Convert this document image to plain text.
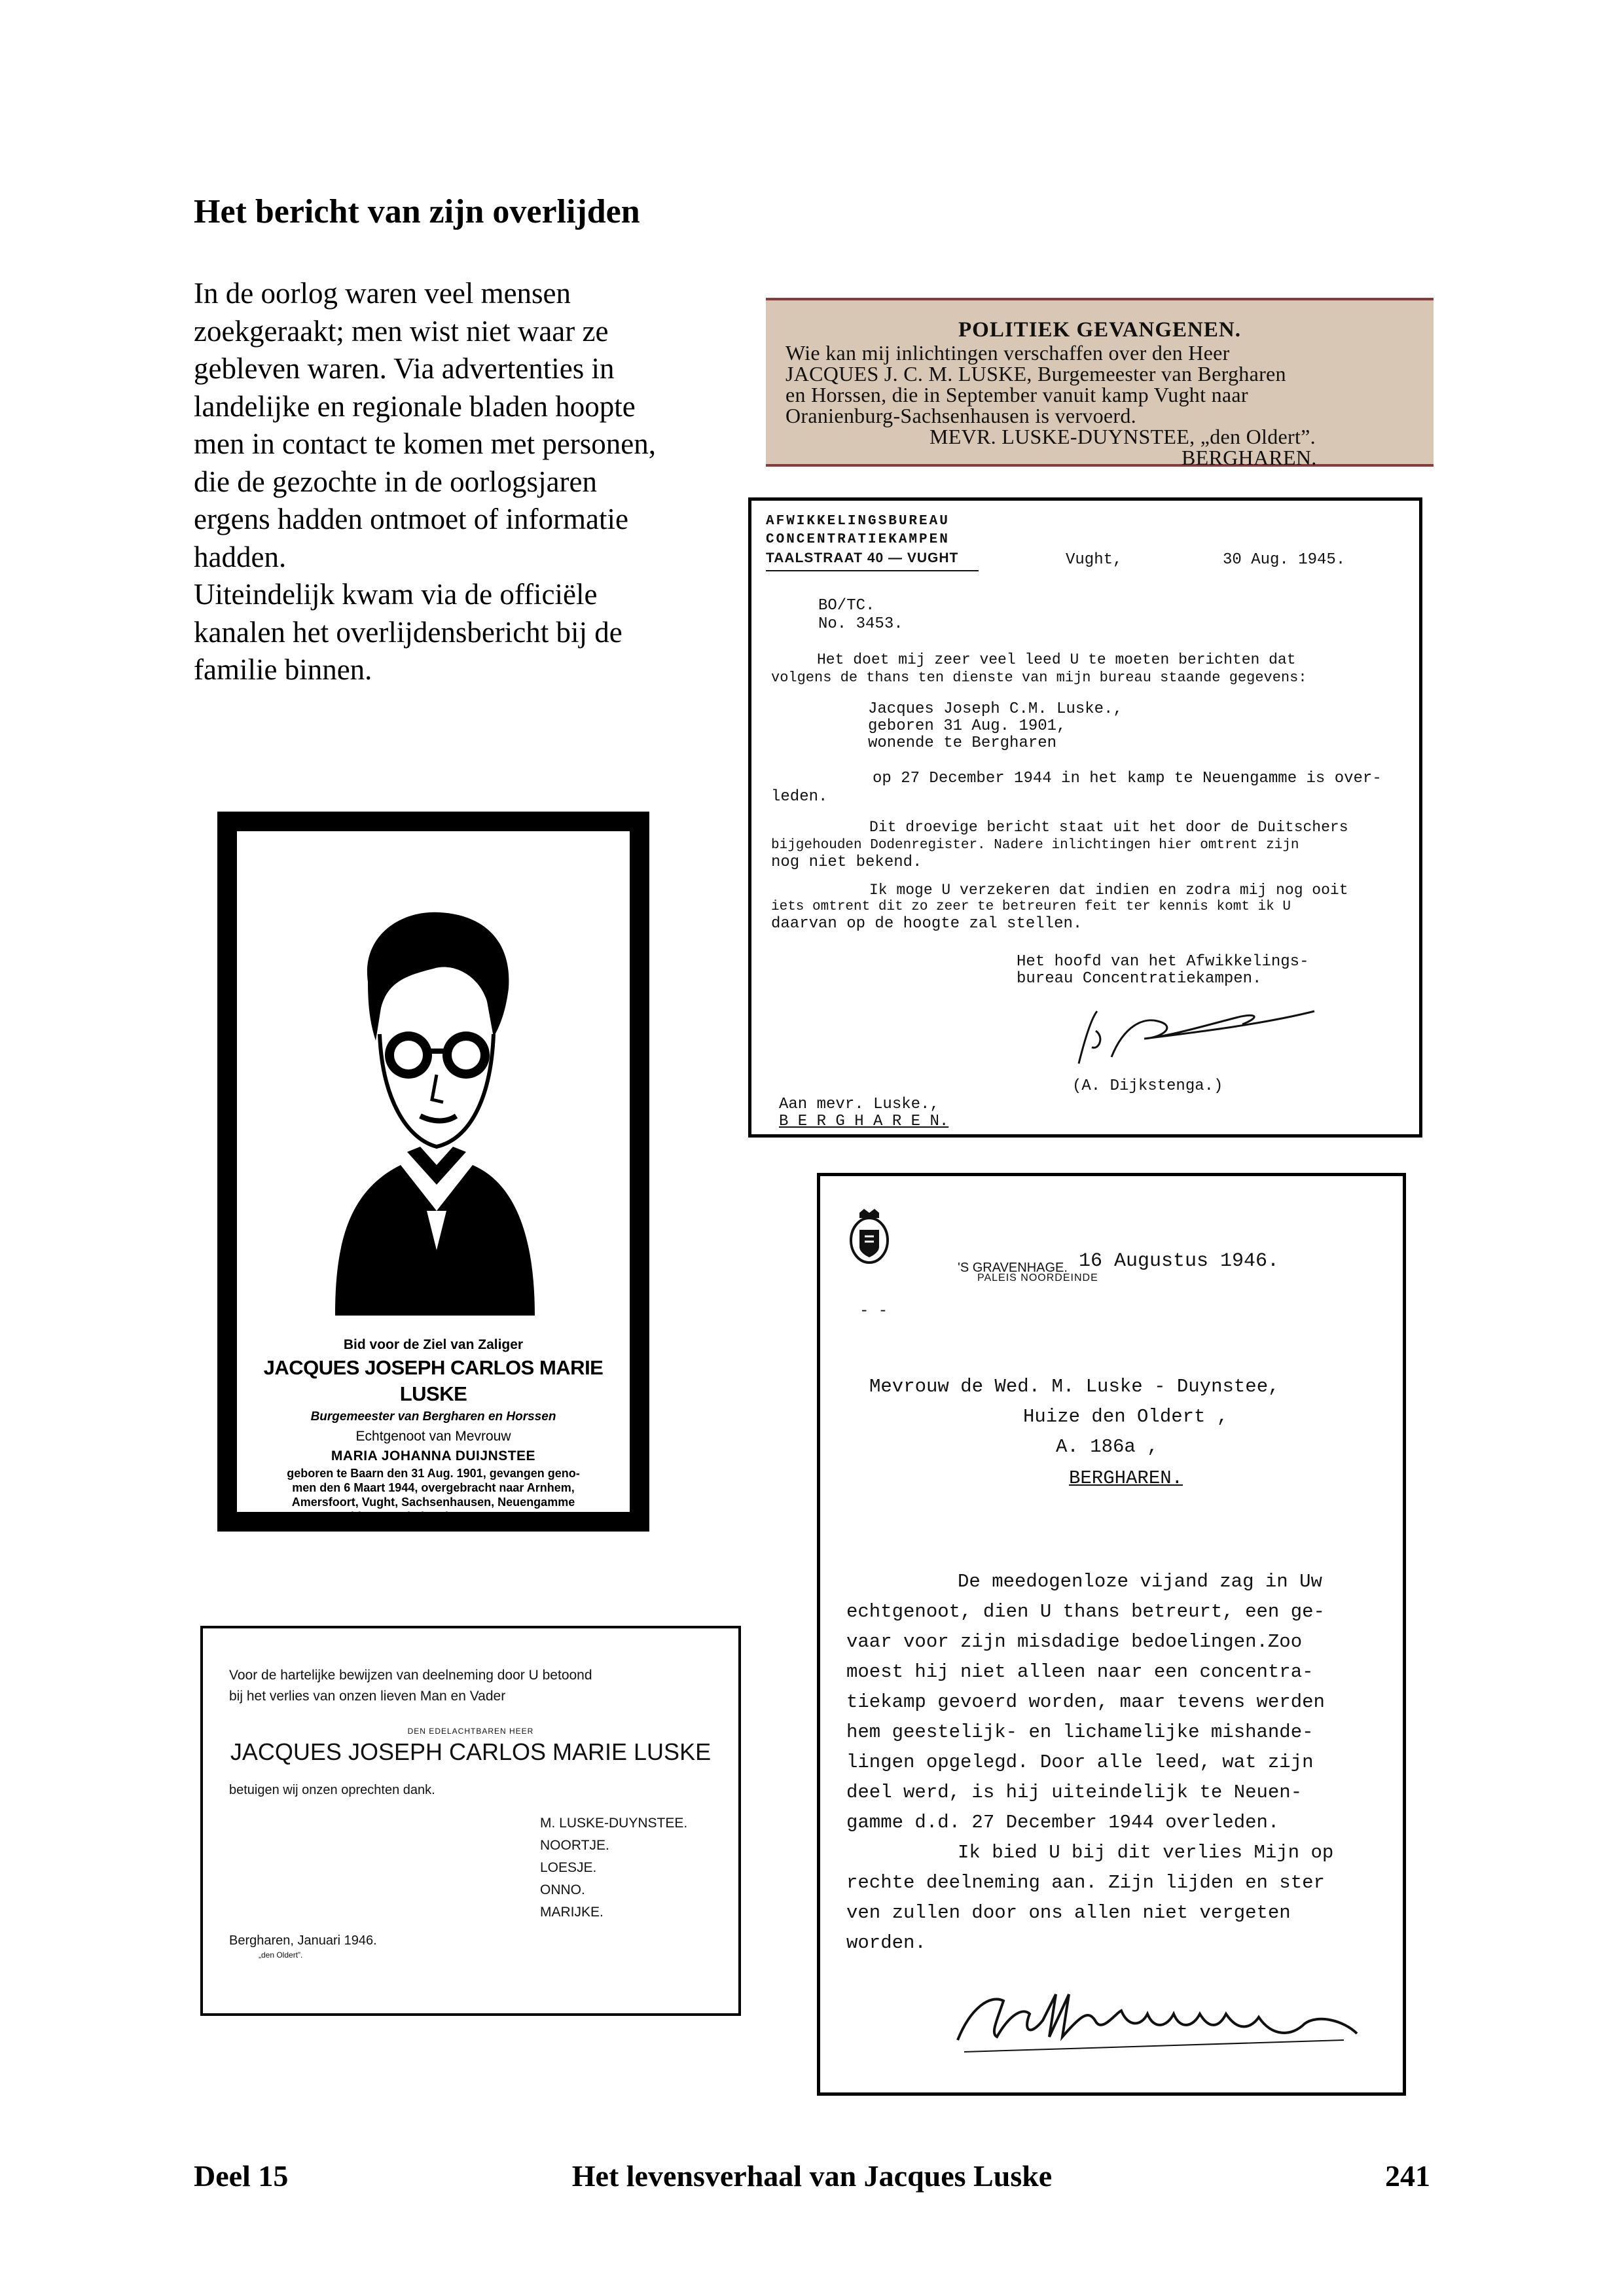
Het bericht van zijn overlijden

In de oorlog waren veel mensen

zoekgeraakt; men wist niet waar ze

gebleven waren. Via advertenties in

landelijke en regionale bladen hoopte

men in contact te komen met personen,

die de gezochte in de oorlogsjaren

ergens hadden ontmoet of informatie

hadden.

Uiteindelijk kwam via de officiële

kanalen het overlijdensbericht bij de

familie binnen.

POLITIEK GEVANGENEN.
Wie kan mij inlichtingen verschaffen over den Heer
JACQUES J. C. M. LUSKE, Burgemeester van Bergharen
en Horssen, die in September vanuit kamp Vught naar
Oranienburg-Sachsenhausen is vervoerd.
MEVR. LUSKE-DUYNSTEE, „den Oldert”.
BERGHAREN.
AFWIKKELINGSBUREAU
CONCENTRATIEKAMPEN
TAALSTRAAT 40 — VUGHT	Vught,	30 Aug. 1945.
BO/TC.
No. 3453.
Het doet mij zeer veel leed U te moeten berichten dat
volgens de thans ten dienste van mijn bureau staande gegevens:
Jacques Joseph C.M. Luske.,
geboren 31 Aug. 1901,
wonende te Bergharen
op 27 December 1944 in het kamp te Neuengamme is over-
leden.
Dit droevige bericht staat uit het door de Duitschers
bijgehouden Dodenregister. Nadere inlichtingen hier omtrent zijn
nog niet bekend.
Ik moge U verzekeren dat indien en zodra mij nog ooit
iets omtrent dit zo zeer te betreuren feit ter kennis komt ik U
daarvan op de hoogte zal stellen.
Het hoofd van het Afwikkelings-
bureau Concentratiekampen.
(A. Dijkstenga.)
Aan mevr. Luske.,
B E R G H A R E N.
'S GRAVENHAGE. 16 Augustus 1946.
PALEIS NOORDEINDE
- -
Mevrouw de Wed. M. Luske - Duynstee,
Huize den Oldert ,
A. 186a ,
BERGHAREN.
De meedogenloze vijand zag in Uw
echtgenoot, dien U thans betreurt, een ge-
vaar voor zijn misdadige bedoelingen.Zoo
moest hij niet alleen naar een concentra-
tiekamp gevoerd worden, maar tevens werden
hem geestelijk- en lichamelijke mishande-
lingen opgelegd. Door alle leed, wat zijn
deel werd, is hij uiteindelijk te Neuen-
gamme d.d. 27 December 1944 overleden.
Ik bied U bij dit verlies Mijn op
rechte deelneming aan. Zijn lijden en ster
ven zullen door ons allen niet vergeten
worden.
Bid voor de Ziel van Zaliger
JACQUES JOSEPH CARLOS MARIE LUSKE
Burgemeester van Bergharen en Horssen
Echtgenoot van Mevrouw
MARIA JOHANNA DUIJNSTEE
geboren te Baarn den 31 Aug. 1901, gevangen geno-
men den 6 Maart 1944, overgebracht naar Arnhem,
Amersfoort, Vught, Sachsenhausen, Neuengamme
en aldaar overleden den 27 Dec. 1944.
Voor de hartelijke bewijzen van deelneming door U betoond
bij het verlies van onzen lieven Man en Vader
DEN EDELACHTBAREN HEER
JACQUES JOSEPH CARLOS MARIE LUSKE
betuigen wij onzen oprechten dank.
M. LUSKE-DUYNSTEE.
NOORTJE.
LOESJE.
ONNO.
MARIJKE.
Bergharen, Januari 1946.
„den Oldert”.
Het levensverhaal van Jacques Luske
Deel 15	241
